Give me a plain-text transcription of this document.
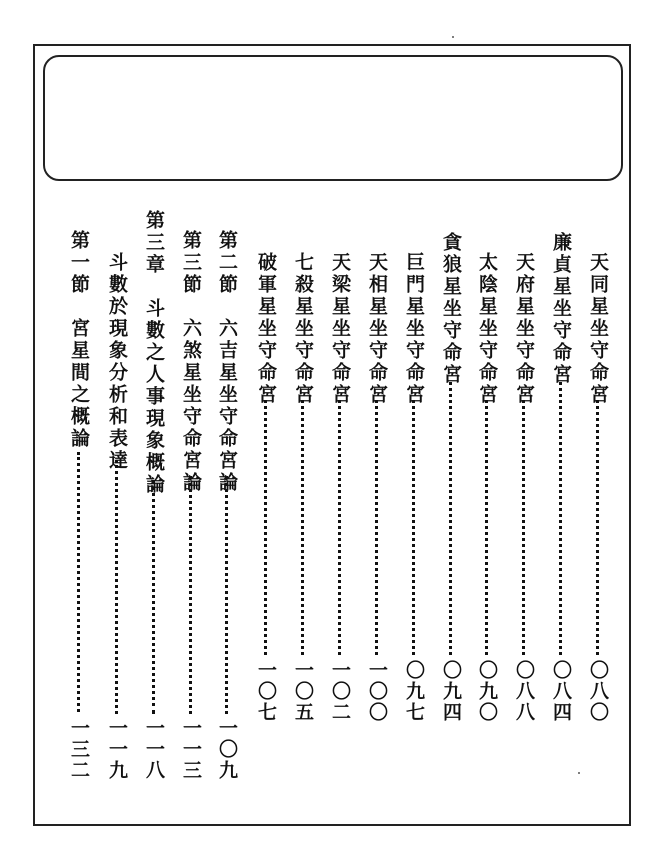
天同星坐守命宮
〇八〇
廉貞星坐守命宮
〇八四
天府星坐守命宮
〇八八
太陰星坐守命宮
〇九〇
貪狼星坐守命宮
〇九四
巨門星坐守命宮
〇九七
天相星坐守命宮
一〇〇
天梁星坐守命宮
一〇二
七殺星坐守命宮
一〇五
破軍星坐守命宮
一〇七
第二節　六吉星坐守命宮論
一〇九
第三節　六煞星坐守命宮論
一一三
第三章　斗數之人事現象概論
一一八
斗數於現象分析和表達
一一九
第一節　宮星間之概論
一三二
